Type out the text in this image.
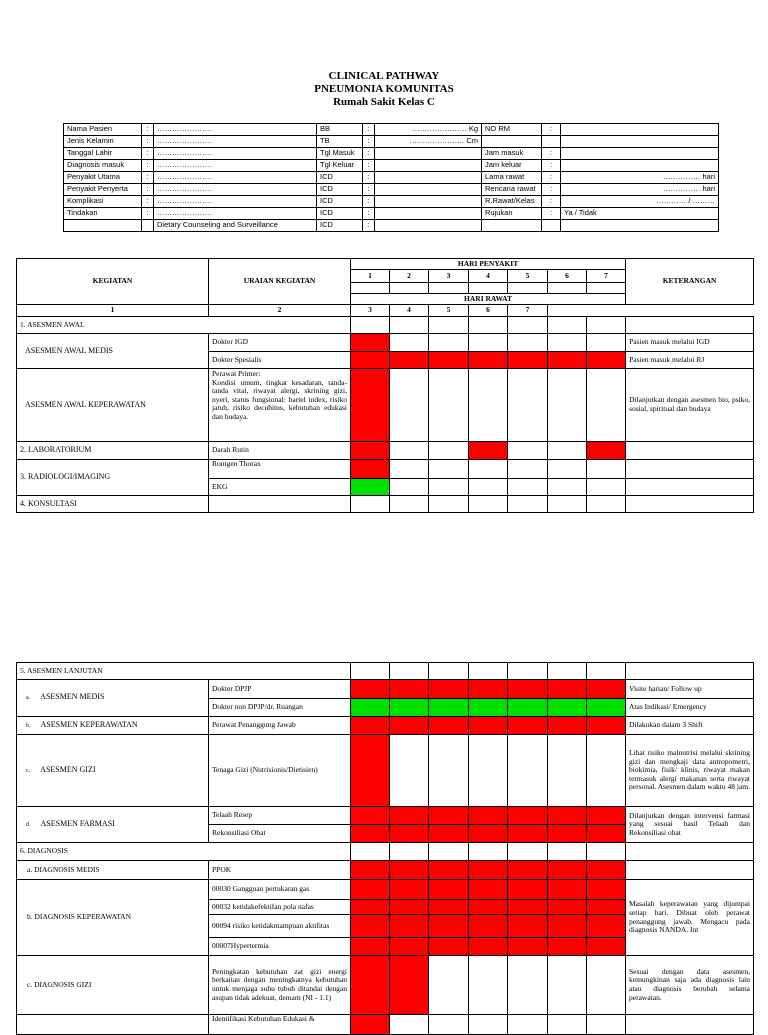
CLINICAL PATHWAY
PNEUMONIA KOMUNITAS
Rumah Sakit Kelas C
Nama Pasien	:	………………….	BB	:	…………………. Kg	NO RM	:	
Jenis Kelamin	:	………………….	TB	:	…………………. Cm			
Tanggal Lahir	:	………………….	Tgl Masuk	:		Jam masuk	:	
Diagnosis masuk	:	………………….	Tgl Keluar	:		Jam keluar	:	
Penyakit Utama	:	………………….	ICD	:		Lama rawat	:	…………… hari
Penyakit Penyerta	:	………………….	ICD	:		Rencana rawat	:	…………… hari
Komplikasi	:	………………….	ICD	:		R.Rawat/Kelas	:	………… / ………
Tindakan	:	………………….	ICD	:		Rujukan	:	Ya / Tidak
		Dietary Counseling and Surveillance	ICD	:				
KEGIATAN	URAIAN KEGIATAN	HARI PENYAKIT							KETERANGAN
		1	2	3	4	5	6	7	

		HARI RAWAT							
1	2	3	4	5	6	7			
1. ASESMEN AWAL									
ASESMEN AWAL MEDIS	Dokter IGD								Pasien masuk melalui IGD
	Dokter Spesialis								Pasien masuk melalui RJ
ASESMEN AWAL KEPERAWATAN	Perawat Primer:
Kondisi umum, tingkat kesadaran, tanda-tanda vital, riwayat alergi, skrining gizi, nyeri, status fungsional: bartel index, risiko jatuh, risiko decubitus, kebutuhan edukasi dan budaya.								Dilanjutkan dengan asesmen bio, psiko, sosial, spiritual dan budaya
2. LABORATORIUM	Darah Rutin								
3. RADIOLOGI/IMAGING	Rontgen Thorax								
	EKG								
4. KONSULTASI									
5. ASESMEN LANJUTAN									
a. ASESMEN MEDIS	Dokter DPJP								Visite harian/ Follow up
	Dokter non DPJP/dr. Ruangan								Atas Indikasi/ Emergency
b. ASESMEN KEPERAWATAN	Perawat Penanggung Jawab								Dilakukan dalam 3 Shift
c. ASESMEN GIZI	Tenaga Gizi (Nutrisionis/Dietisien)								Lihat risiko malnutrisi melalui skrining gizi dan mengkaji data antropometri, biokimia, fisik/ klinis, riwayat makan termasuk alergi makanan serta riwayat personal. Asesmen dalam waktu 48 jam.
d. ASESMEN FARMASI	Telaah Resep								Dilanjutkan dengan intervensi farmasi yang sesuai hasil Telaah dan Rekonsiliasi obat
	Rekonsiliasi Obat								
6. DIAGNOSIS									
a. DIAGNOSIS MEDIS	PPOK								
b. DIAGNOSIS KEPERAWATAN	00030 Gangguan pertukaran gas								Masalah keperawatan yang dijumpai setiap hari. Dibuat oleh perawat penanggung jawab. Mengacu pada diagnosis NANDA. Int
	00032 ketidakefektifan pola nafas								
	00094 risiko ketidakmampuan aktifitas								
	00007Hypertermia								
c. DIAGNOSIS GIZI	Peningkatan kebutuhan zat gizi energi berkaitan dengan meningkatnya kebutuhan untuk menjaga suhu tubuh ditandai dengan asupan tidak adekuat, demam (NI - 1.1)								Sesuai dengan data asesmen, kemungkinan saja ada diagnosis lain atau diagnosis berubah selama perawatan.
	Identifikasi Kebutuhan Edukasi &								
